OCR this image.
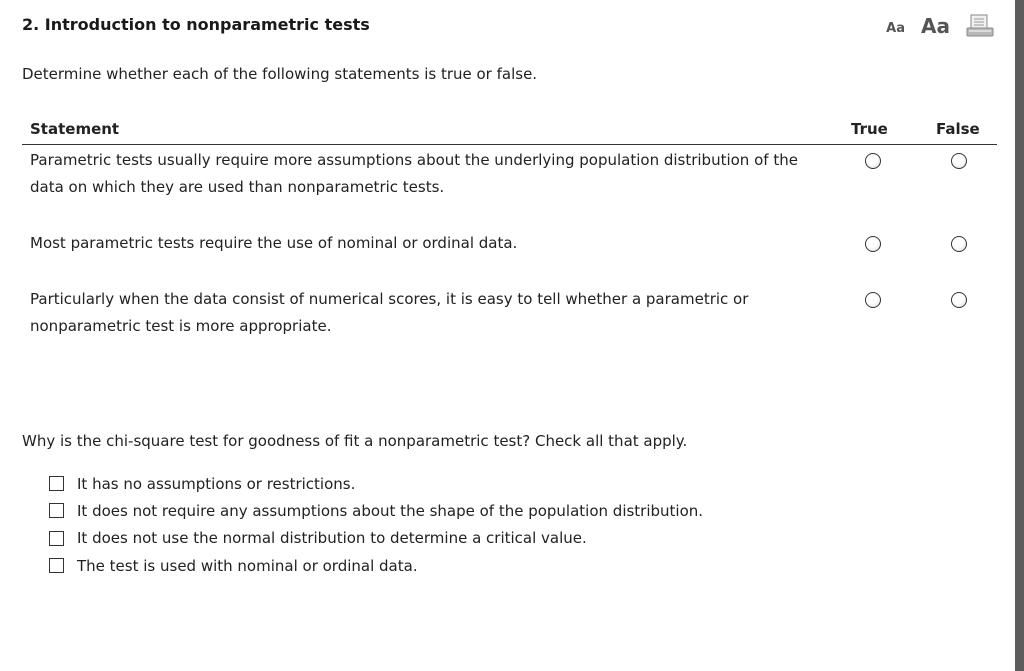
2. Introduction to nonparametric tests	Aa Aa
Determine whether each of the following statements is true or false.
Statement	True	False
Parametric tests usually require more assumptions about the underlying population distribution of the data on which they are used than nonparametric tests.
Most parametric tests require the use of nominal or ordinal data.
Particularly when the data consist of numerical scores, it is easy to tell whether a parametric or nonparametric test is more appropriate.
Why is the chi-square test for goodness of fit a nonparametric test? Check all that apply.
It has no assumptions or restrictions.
It does not require any assumptions about the shape of the population distribution.
It does not use the normal distribution to determine a critical value.
The test is used with nominal or ordinal data.
